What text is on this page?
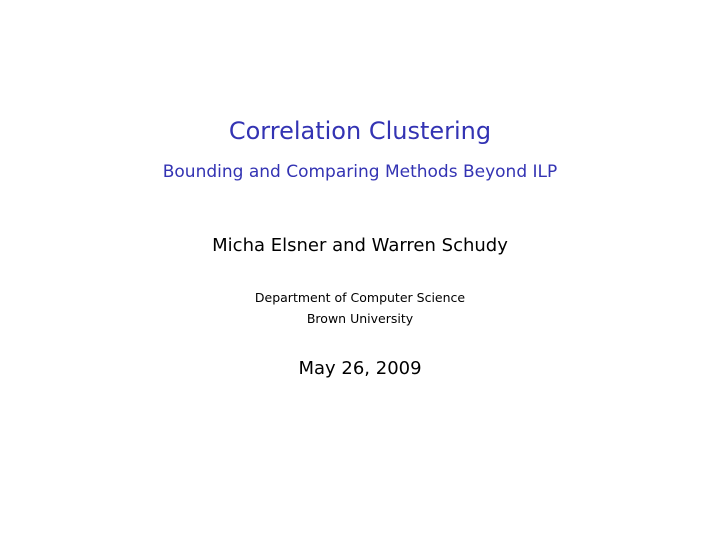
Correlation Clustering
Bounding and Comparing Methods Beyond ILP
Micha Elsner and Warren Schudy
Department of Computer Science
Brown University
May 26, 2009
